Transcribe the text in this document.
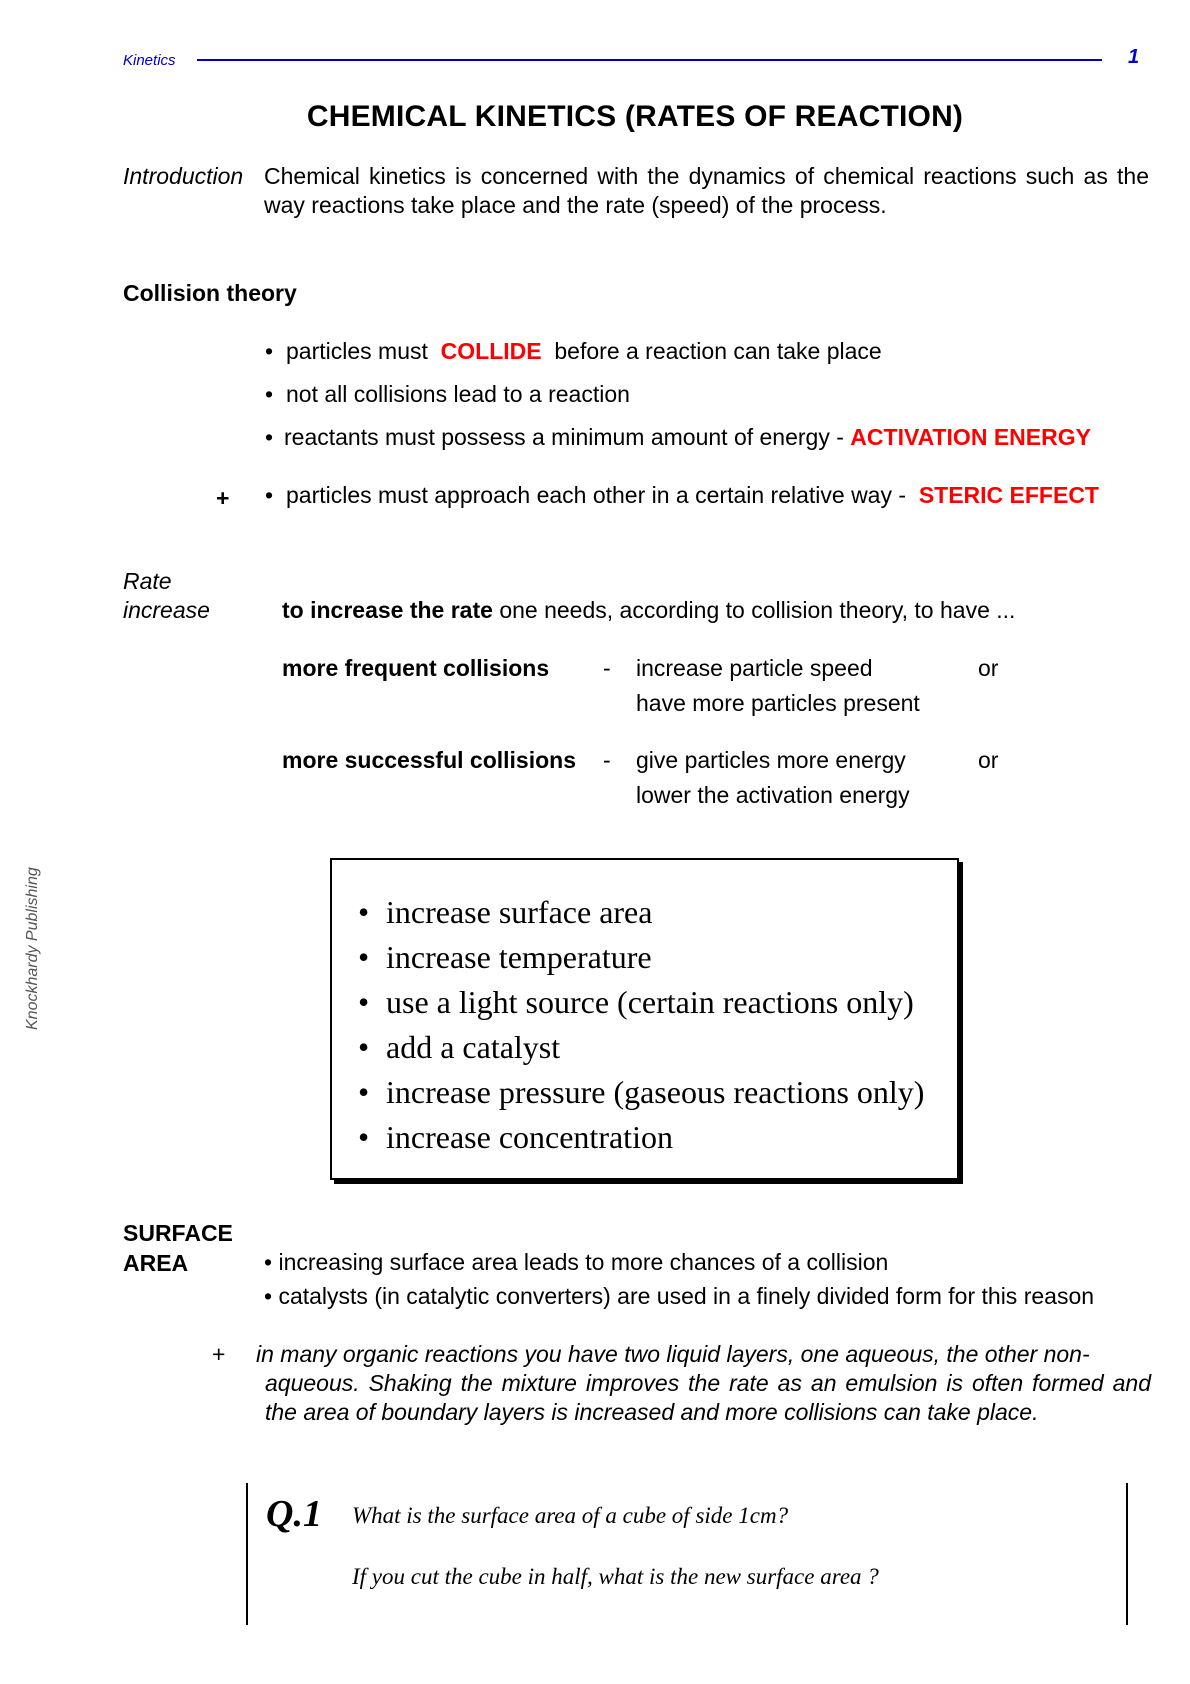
Kinetics	1
CHEMICAL KINETICS (RATES OF REACTION)
Introduction Chemical kinetics is concerned with the dynamics of chemical reactions such as the way reactions take place and the rate (speed) of the process.
Collision theory
• particles must COLLIDE before a reaction can take place
• not all collisions lead to a reaction
• reactants must possess a minimum amount of energy - ACTIVATION ENERGY
+ • particles must approach each other in a certain relative way - STERIC EFFECT
Rate
increase	to increase the rate one needs, according to collision theory, to have ...
more frequent collisions - increase particle speed	or
have more particles present
more successful collisions - give particles more energy	or
lower the activation energy
• increase surface area
• increase temperature
• use a light source (certain reactions only)
• add a catalyst
• increase pressure (gaseous reactions only)
• increase concentration
Knockhardy Publishing
SURFACE
AREA	• increasing surface area leads to more chances of a collision
• catalysts (in catalytic converters) are used in a finely divided form for this reason
+ in many organic reactions you have two liquid layers, one aqueous, the other non-
aqueous. Shaking the mixture improves the rate as an emulsion is often formed and the area of boundary layers is increased and more collisions can take place.
Q.1 What is the surface area of a cube of side 1cm?
If you cut the cube in half, what is the new surface area ?
